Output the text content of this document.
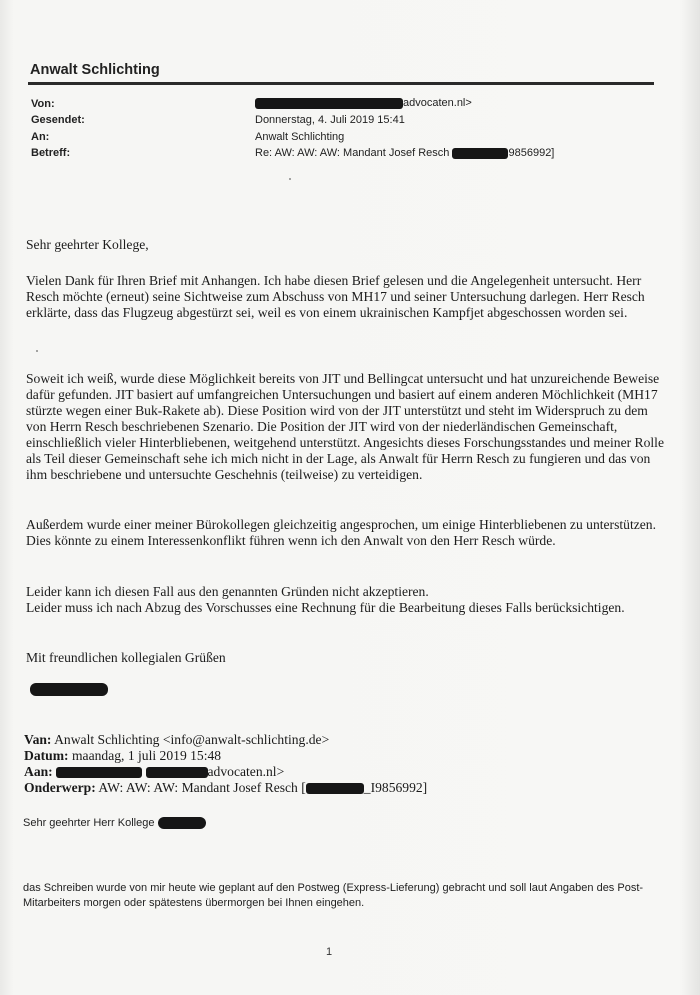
Anwalt Schlichting
Von:	advocaten.nl>
Gesendet:	Donnerstag, 4. Juli 2019 15:41
An:	Anwalt Schlichting
Betreff:	Re: AW: AW: AW: Mandant Josef Resch	9856992]

Sehr geehrter Kollege,

Vielen Dank für Ihren Brief mit Anhangen. Ich habe diesen Brief gelesen und die Angelegenheit untersucht. Herr Resch möchte (erneut) seine Sichtweise zum Abschuss von MH17 und seiner Untersuchung darlegen. Herr Resch erklärte, dass das Flugzeug abgestürzt sei, weil es von einem ukrainischen Kampfjet abgeschossen worden sei.

Soweit ich weiß, wurde diese Möglichkeit bereits von JIT und Bellingcat untersucht und hat unzureichende Beweise dafür gefunden. JIT basiert auf umfangreichen Untersuchungen und basiert auf einem anderen Möchlichkeit (MH17 stürzte wegen einer Buk-Rakete ab). Diese Position wird von der JIT unterstützt und steht im Widerspruch zu dem von Herrn Resch beschriebenen Szenario. Die Position der JIT wird von der niederländischen Gemeinschaft, einschließlich vieler Hinterbliebenen, weitgehend unterstützt. Angesichts dieses Forschungsstandes und meiner Rolle als Teil dieser Gemeinschaft sehe ich mich nicht in der Lage, als Anwalt für Herrn Resch zu fungieren und das von ihm beschriebene und untersuchte Geschehnis (teilweise) zu verteidigen.

Außerdem wurde einer meiner Bürokollegen gleichzeitig angesprochen, um einige Hinterbliebenen zu unterstützen. Dies könnte zu einem Interessenkonflikt führen wenn ich den Anwalt von den Herr Resch würde.

Leider kann ich diesen Fall aus den genannten Gründen nicht akzeptieren.

Leider muss ich nach Abzug des Vorschusses eine Rechnung für die Bearbeitung dieses Falls berücksichtigen.

Mit freundlichen kollegialen Grüßen

Van: Anwalt Schlichting <info@anwalt-schlichting.de>
Datum: maandag, 1 juli 2019 15:48
Aan:	advocaten.nl>
Onderwerp: AW: AW: AW: Mandant Josef Resch [	_I9856992]
Sehr geehrter Herr Kollege
das Schreiben wurde von mir heute wie geplant auf den Postweg (Express-Lieferung) gebracht und soll laut Angaben des Post-Mitarbeiters morgen oder spätestens übermorgen bei Ihnen eingehen.
1
